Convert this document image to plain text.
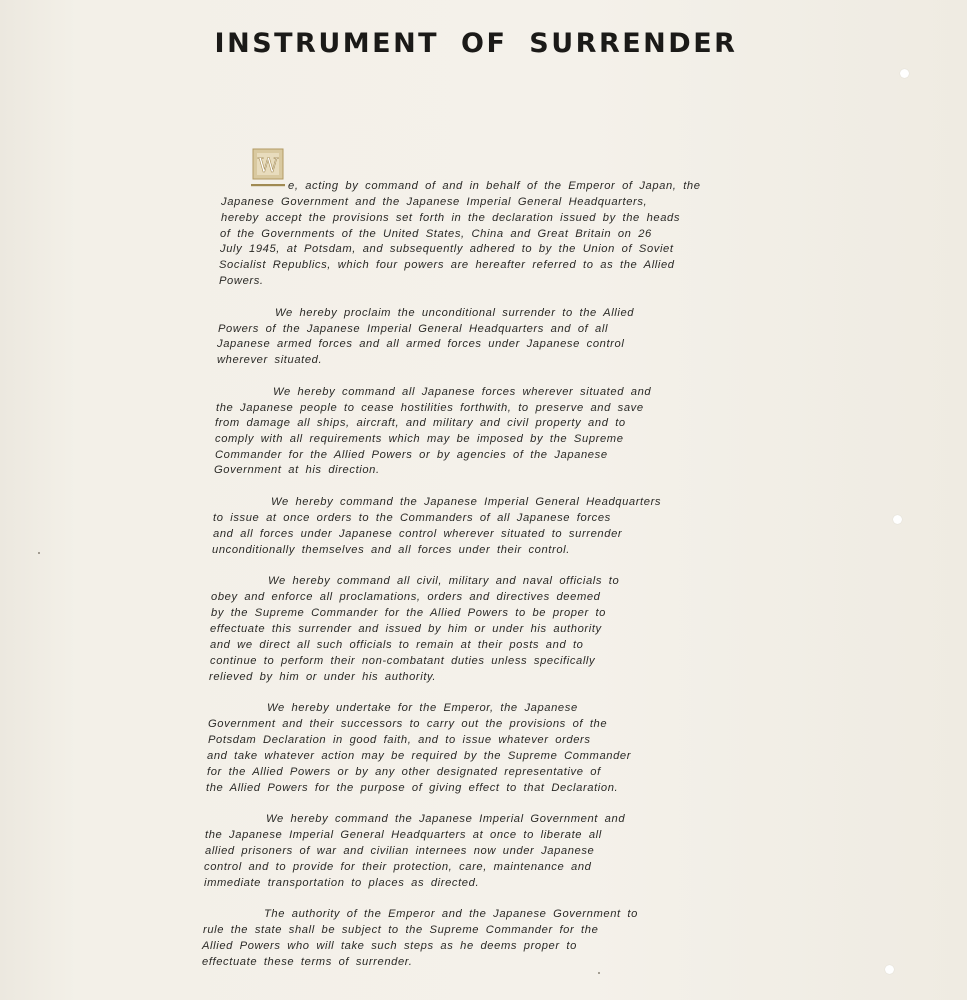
INSTRUMENT OF SURRENDER
W
e, acting by command of and in behalf of the Emperor of Japan, the
Japanese Government and the Japanese Imperial General Headquarters,
hereby accept the provisions set forth in the declaration issued by the heads
of the Governments of the United States, China and Great Britain on 26
July 1945, at Potsdam, and subsequently adhered to by the Union of Soviet
Socialist Republics, which four powers are hereafter referred to as the Allied
Powers.
We hereby proclaim the unconditional surrender to the Allied
Powers of the Japanese Imperial General Headquarters and of all
Japanese armed forces and all armed forces under Japanese control
wherever situated.
We hereby command all Japanese forces wherever situated and
the Japanese people to cease hostilities forthwith, to preserve and save
from damage all ships, aircraft, and military and civil property and to
comply with all requirements which may be imposed by the Supreme
Commander for the Allied Powers or by agencies of the Japanese
Government at his direction.
We hereby command the Japanese Imperial General Headquarters
to issue at once orders to the Commanders of all Japanese forces
and all forces under Japanese control wherever situated to surrender
unconditionally themselves and all forces under their control.
We hereby command all civil, military and naval officials to
obey and enforce all proclamations, orders and directives deemed
by the Supreme Commander for the Allied Powers to be proper to
effectuate this surrender and issued by him or under his authority
and we direct all such officials to remain at their posts and to
continue to perform their non-combatant duties unless specifically
relieved by him or under his authority.
We hereby undertake for the Emperor, the Japanese
Government and their successors to carry out the provisions of the
Potsdam Declaration in good faith, and to issue whatever orders
and take whatever action may be required by the Supreme Commander
for the Allied Powers or by any other designated representative of
the Allied Powers for the purpose of giving effect to that Declaration.
We hereby command the Japanese Imperial Government and
the Japanese Imperial General Headquarters at once to liberate all
allied prisoners of war and civilian internees now under Japanese
control and to provide for their protection, care, maintenance and
immediate transportation to places as directed.
The authority of the Emperor and the Japanese Government to
rule the state shall be subject to the Supreme Commander for the
Allied Powers who will take such steps as he deems proper to
effectuate these terms of surrender.
